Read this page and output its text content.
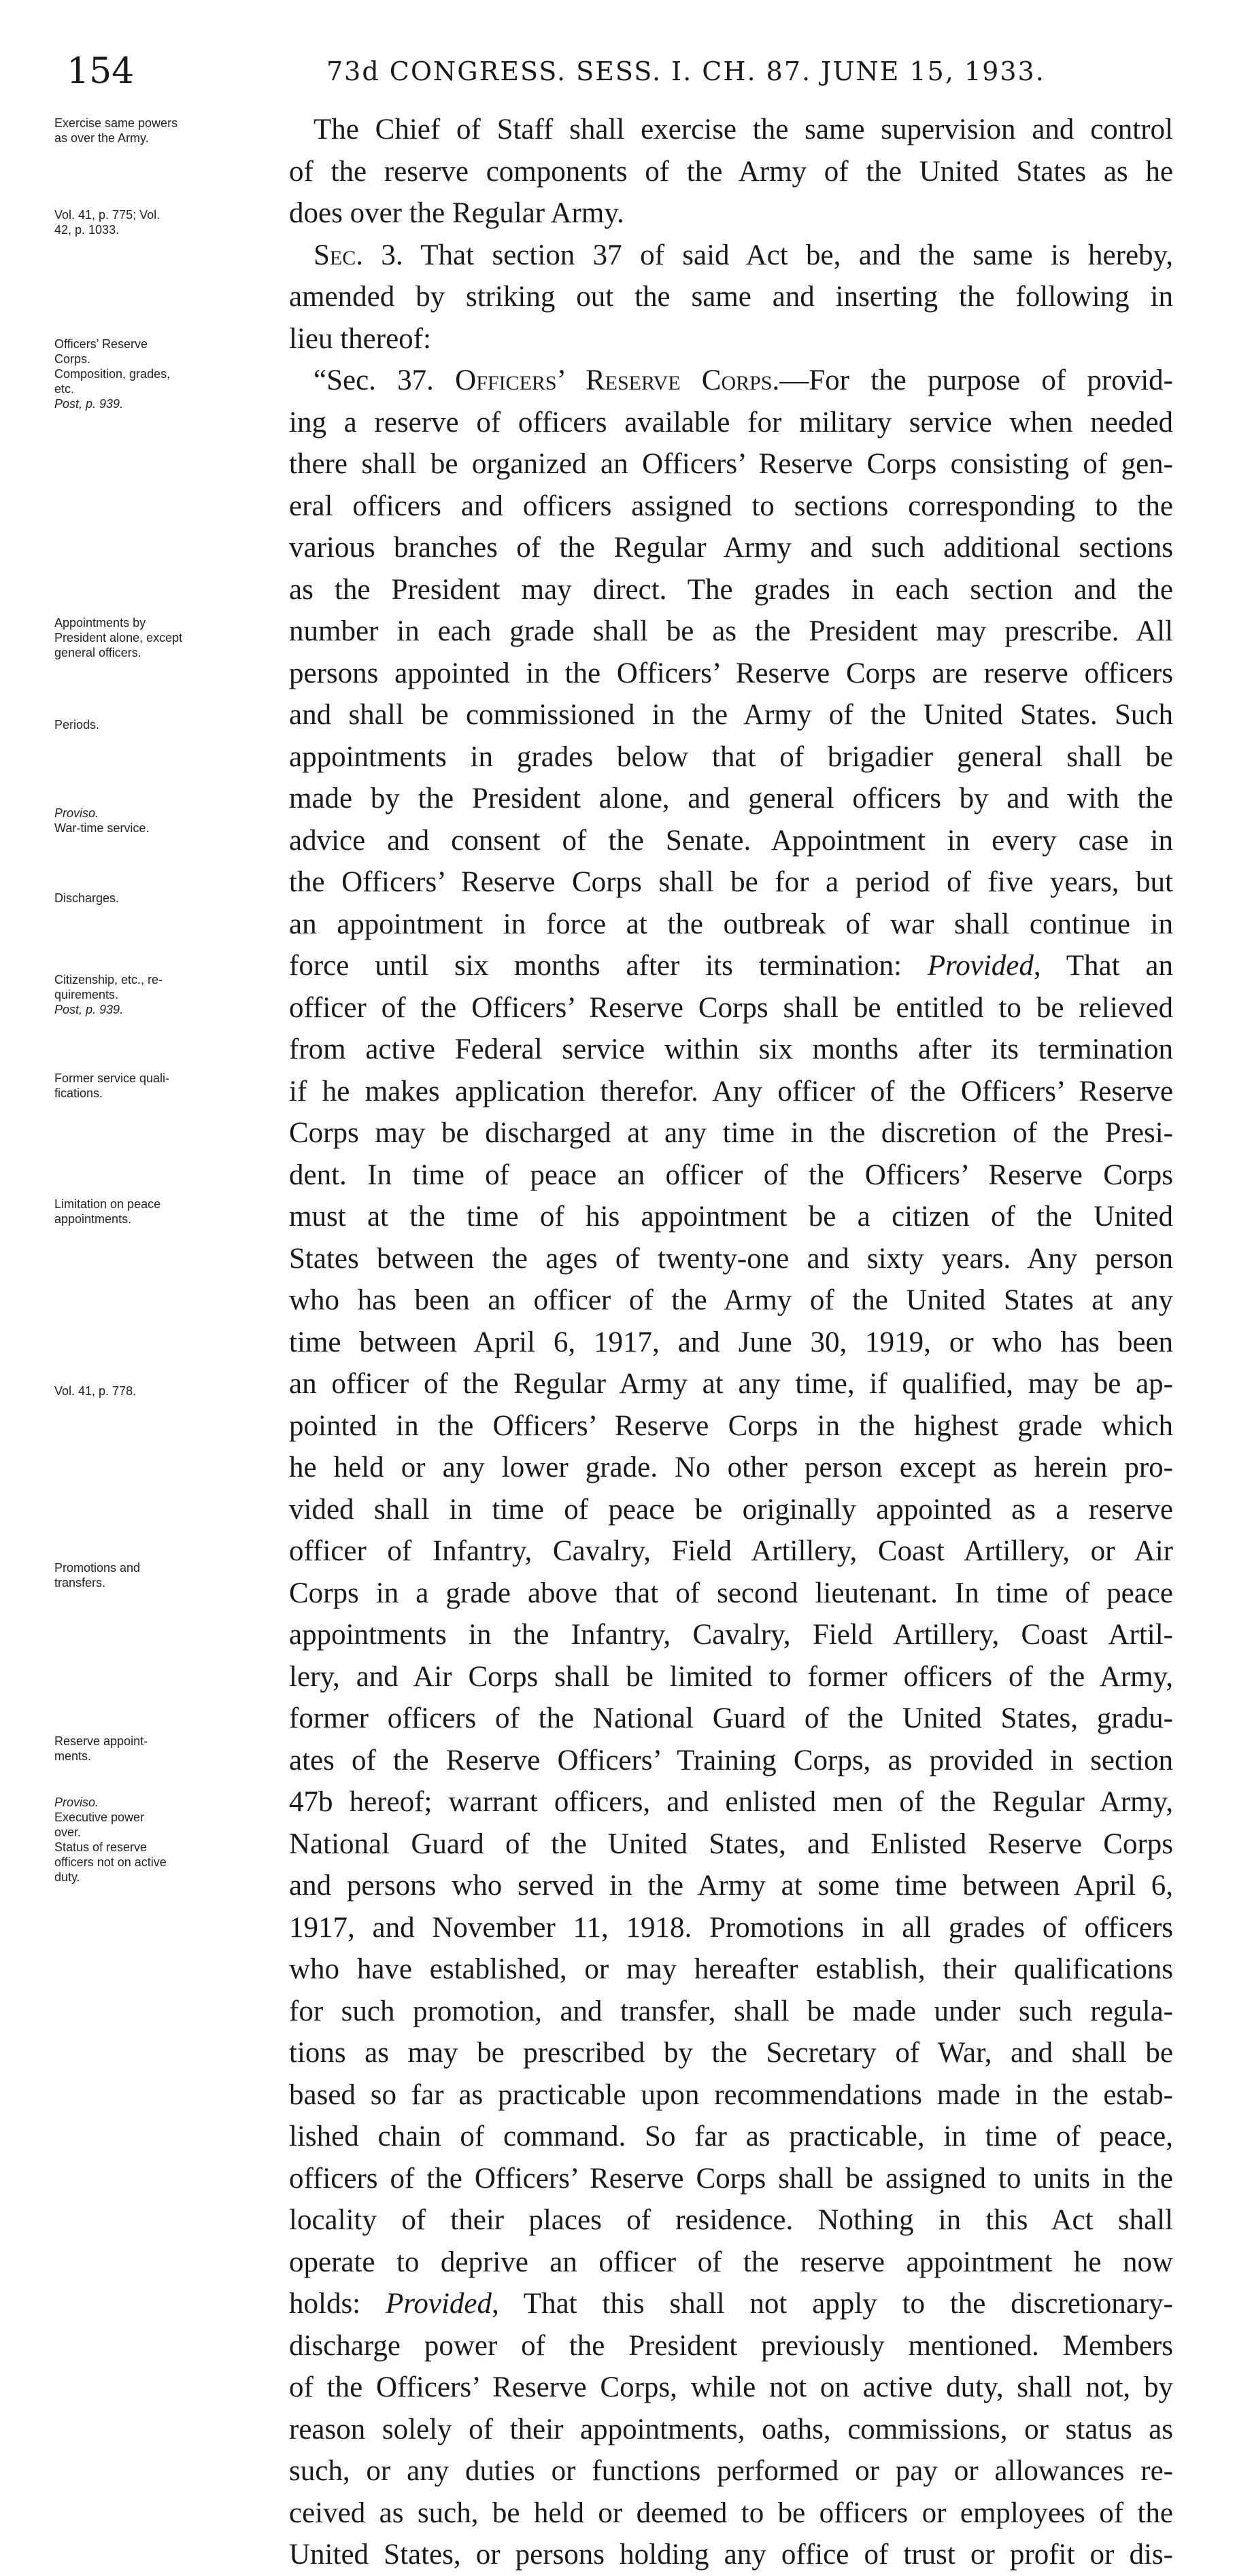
154	73d CONGRESS. SESS. I. CH. 87. JUNE 15, 1933.
Exercise same powers
as over the Army.
Vol. 41, p. 775; Vol.
42, p. 1033.
Officers’ Reserve
Corps.
Composition, grades,
etc.
Post, p. 939.
Appointments by
President alone, except
general officers.
Periods.
Proviso.
War-time service.
Discharges.
Citizenship, etc., re-
quirements.
Post, p. 939.
Former service quali-
fications.
Limitation on peace
appointments.
Vol. 41, p. 778.
Promotions and
transfers.
Reserve appoint-
ments.
Proviso.
Executive power
over.
Status of reserve
officers not on active
duty.
The Chief of Staff shall exercise the same supervision and control
of the reserve components of the Army of the United States as he
does over the Regular Army.
Sec. 3. That section 37 of said Act be, and the same is hereby,
amended by striking out the same and inserting the following in
lieu thereof:
“Sec. 37. Officers’ Reserve Corps.—For the purpose of provid-
ing a reserve of officers available for military service when needed
there shall be organized an Officers’ Reserve Corps consisting of gen-
eral officers and officers assigned to sections corresponding to the
various branches of the Regular Army and such additional sections
as the President may direct. The grades in each section and the
number in each grade shall be as the President may prescribe. All
persons appointed in the Officers’ Reserve Corps are reserve officers
and shall be commissioned in the Army of the United States. Such
appointments in grades below that of brigadier general shall be
made by the President alone, and general officers by and with the
advice and consent of the Senate. Appointment in every case in
the Officers’ Reserve Corps shall be for a period of five years, but
an appointment in force at the outbreak of war shall continue in
force until six months after its termination: Provided, That an
officer of the Officers’ Reserve Corps shall be entitled to be relieved
from active Federal service within six months after its termination
if he makes application therefor. Any officer of the Officers’ Reserve
Corps may be discharged at any time in the discretion of the Presi-
dent. In time of peace an officer of the Officers’ Reserve Corps
must at the time of his appointment be a citizen of the United
States between the ages of twenty-one and sixty years. Any person
who has been an officer of the Army of the United States at any
time between April 6, 1917, and June 30, 1919, or who has been
an officer of the Regular Army at any time, if qualified, may be ap-
pointed in the Officers’ Reserve Corps in the highest grade which
he held or any lower grade. No other person except as herein pro-
vided shall in time of peace be originally appointed as a reserve
officer of Infantry, Cavalry, Field Artillery, Coast Artillery, or Air
Corps in a grade above that of second lieutenant. In time of peace
appointments in the Infantry, Cavalry, Field Artillery, Coast Artil-
lery, and Air Corps shall be limited to former officers of the Army,
former officers of the National Guard of the United States, gradu-
ates of the Reserve Officers’ Training Corps, as provided in section
47b hereof; warrant officers, and enlisted men of the Regular Army,
National Guard of the United States, and Enlisted Reserve Corps
and persons who served in the Army at some time between April 6,
1917, and November 11, 1918. Promotions in all grades of officers
who have established, or may hereafter establish, their qualifications
for such promotion, and transfer, shall be made under such regula-
tions as may be prescribed by the Secretary of War, and shall be
based so far as practicable upon recommendations made in the estab-
lished chain of command. So far as practicable, in time of peace,
officers of the Officers’ Reserve Corps shall be assigned to units in the
locality of their places of residence. Nothing in this Act shall
operate to deprive an officer of the reserve appointment he now
holds: Provided, That this shall not apply to the discretionary-
discharge power of the President previously mentioned. Members
of the Officers’ Reserve Corps, while not on active duty, shall not, by
reason solely of their appointments, oaths, commissions, or status as
such, or any duties or functions performed or pay or allowances re-
ceived as such, be held or deemed to be officers or employees of the
United States, or persons holding any office of trust or profit or dis-
